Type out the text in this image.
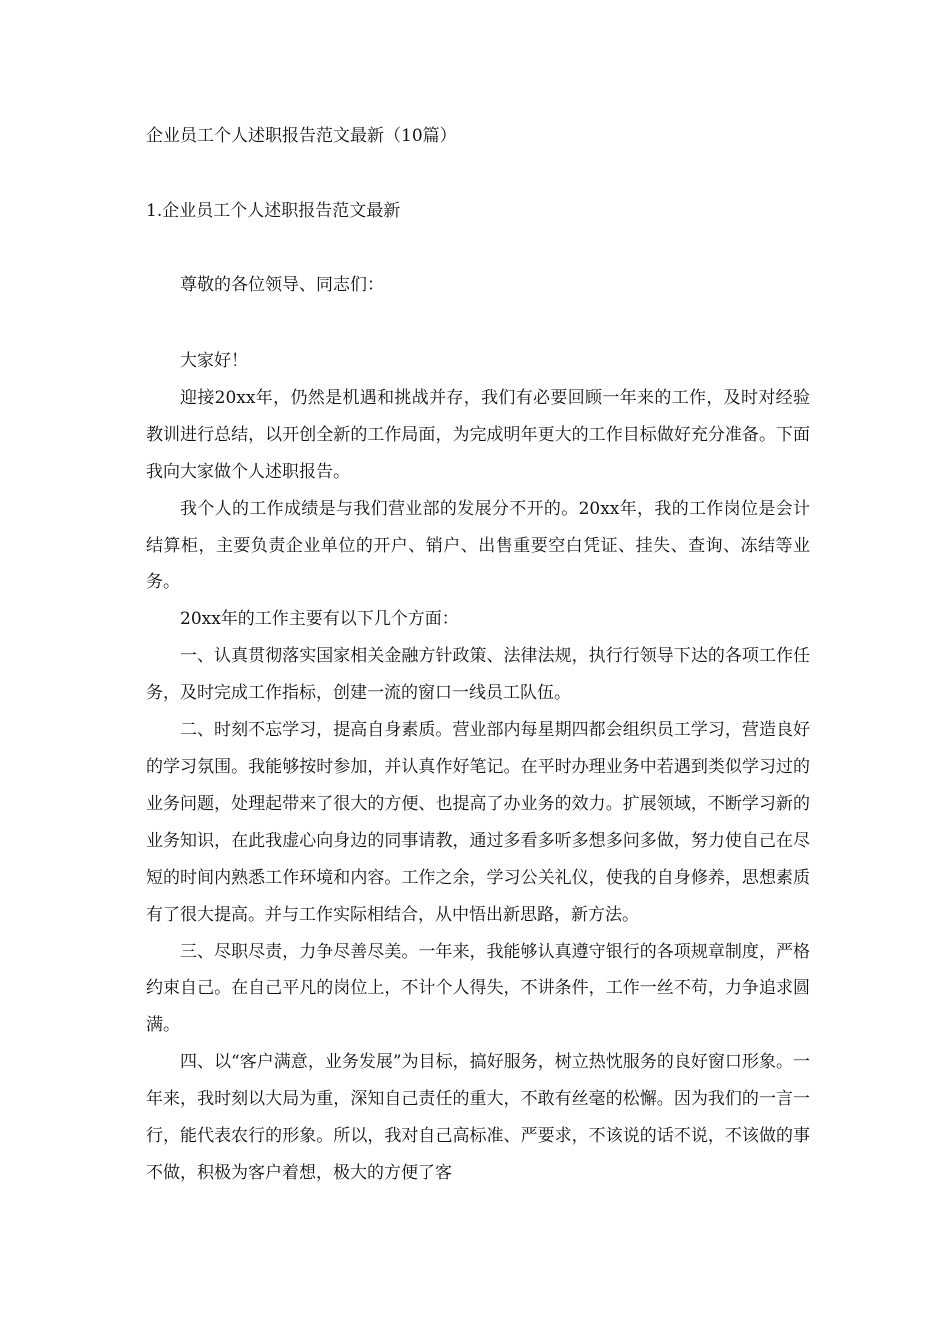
企业员工个人述职报告范文最新（10篇）
1.企业员工个人述职报告范文最新
尊敬的各位领导、同志们：

大家好！

迎接20xx年，仍然是机遇和挑战并存，我们有必要回顾一年来的工作，及时对经验教训进行总结，以开创全新的工作局面，为完成明年更大的工作目标做好充分准备。下面我向大家做个人述职报告。

我个人的工作成绩是与我们营业部的发展分不开的。20xx年，我的工作岗位是会计结算柜，主要负责企业单位的开户、销户、出售重要空白凭证、挂失、查询、冻结等业务。

20xx年的工作主要有以下几个方面：

一、认真贯彻落实国家相关金融方针政策、法律法规，执行行领导下达的各项工作任务，及时完成工作指标，创建一流的窗口一线员工队伍。

二、时刻不忘学习，提高自身素质。营业部内每星期四都会组织员工学习，营造良好的学习氛围。我能够按时参加，并认真作好笔记。在平时办理业务中若遇到类似学习过的业务问题，处理起带来了很大的方便、也提高了办业务的效力。扩展领域，不断学习新的业务知识，在此我虚心向身边的同事请教，通过多看多听多想多问多做，努力使自己在尽短的时间内熟悉工作环境和内容。工作之余，学习公关礼仪，使我的自身修养，思想素质有了很大提高。并与工作实际相结合，从中悟出新思路，新方法。

三、尽职尽责，力争尽善尽美。一年来，我能够认真遵守银行的各项规章制度，严格约束自己。在自己平凡的岗位上，不计个人得失，不讲条件，工作一丝不苟，力争追求圆满。

四、以“客户满意，业务发展”为目标，搞好服务，树立热忱服务的良好窗口形象。一年来，我时刻以大局为重，深知自己责任的重大，不敢有丝毫的松懈。因为我们的一言一行，能代表农行的形象。所以，我对自己高标准、严要求，不该说的话不说，不该做的事不做，积极为客户着想，极大的方便了客
